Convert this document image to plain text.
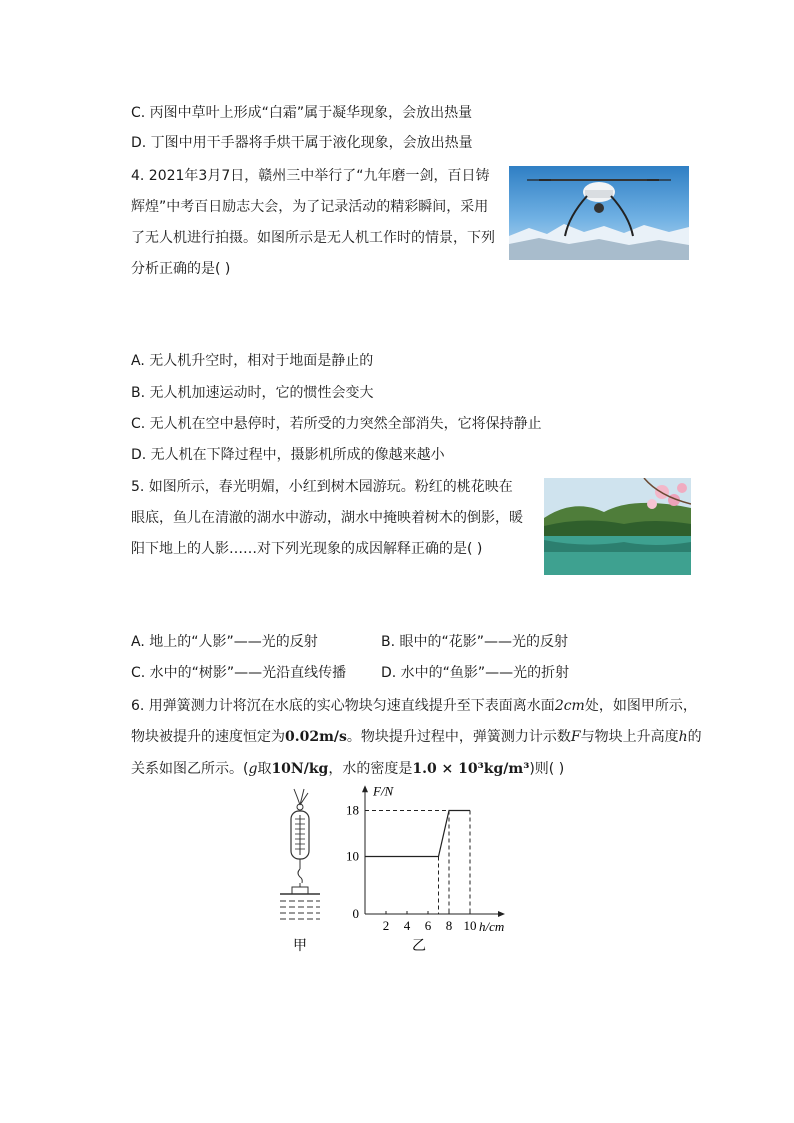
C. 丙图中草叶上形成“白霜”属于凝华现象，会放出热量
D. 丁图中用干手器将手烘干属于液化现象，会放出热量
4. 2021年3月7日，赣州三中举行了“九年磨一剑，百日铸
辉煌”中考百日励志大会，为了记录活动的精彩瞬间，采用
了无人机进行拍摄。如图所示是无人机工作时的情景，下列
分析正确的是( )
A. 无人机升空时，相对于地面是静止的
B. 无人机加速运动时，它的惯性会变大
C. 无人机在空中悬停时，若所受的力突然全部消失，它将保持静止
D. 无人机在下降过程中，摄影机所成的像越来越小
5. 如图所示，春光明媚，小红到树木园游玩。粉红的桃花映在
眼底，鱼儿在清澈的湖水中游动，湖水中掩映着树木的倒影，暖
阳下地上的人影……对下列光现象的成因解释正确的是( )
A. 地上的“人影”——光的反射	B. 眼中的“花影”——光的反射
C. 水中的“树影”——光沿直线传播 D. 水中的“鱼影”——光的折射
6. 用弹簧测力计将沉在水底的实心物块匀速直线提升至下表面离水面2cm处，如图甲所示，
物块被提升的速度恒定为0.02m/s。物块提升过程中，弹簧测力计示数F与物块上升高度h的
关系如图乙所示。(g取10N/kg，水的密度是1.0 × 10³kg/m³)则( )
甲
h/cm
F/N
2 4 6 8 10
0
10
18
乙
